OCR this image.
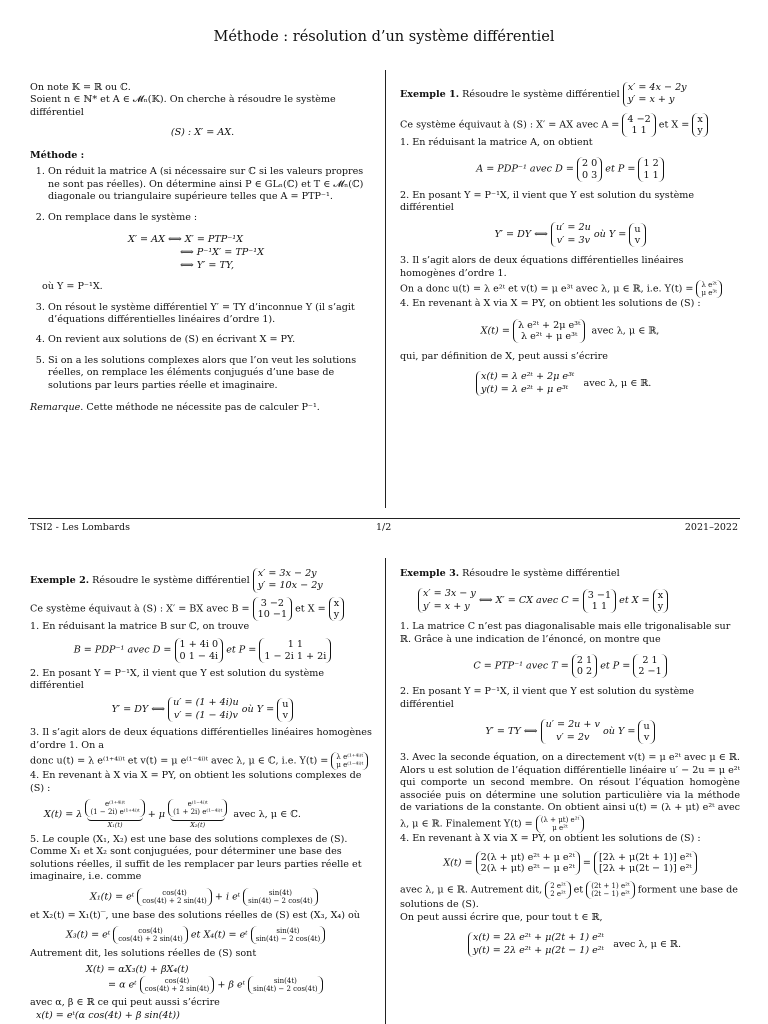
Méthode : résolution d’un système différentiel

On note 𝕂 = ℝ ou ℂ.

Soient n ∈ ℕ* et A ∈ 𝓜ₙ(𝕂). On cherche à résoudre le système différentiel

(S) : X′ = AX.

Méthode :

1. On réduit la matrice A (si nécessaire sur ℂ si les valeurs propres ne sont pas réelles). On détermine ainsi P ∈ GLₙ(ℂ) et T ∈ 𝓜ₙ(ℂ) diagonale ou triangulaire supérieure telles que A = PTP⁻¹.
2. On remplace dans le système :
X′ = AX ⟺ X′ = PTP⁻¹X
⟺ P⁻¹X′ = TP⁻¹X
⟺ Y′ = TY,
où Y = P⁻¹X.
3. On résout le système différentiel Y′ = TY d’inconnue Y (il s’agit d’équations différentielles linéaires d’ordre 1).
4. On revient aux solutions de (S) en écrivant X = PY.
5. Si on a les solutions complexes alors que l’on veut les solutions réelles, on remplace les éléments conjugués d’une base de solutions par leurs parties réelle et imaginaire.

Remarque. Cette méthode ne nécessite pas de calculer P⁻¹.

Exemple 1. Résoudre le système différentiel
x′ = 4x − 2y
y′ = x + y

Ce système équivaut à (S) : X′ = AX avec A =
4 −2
1 1	et X =
x
y

1. En réduisant la matrice A, on obtient

A = PDP⁻¹ avec D =
2 0
0 3 et P =
1 2
1 1

2. En posant Y = P⁻¹X, il vient que Y est solution du système différentiel

Y′ = DY ⟺
u′ = 2u
v′ = 3v où Y =
u
v

3. Il s’agit alors de deux équations différentielles linéaires homogènes d’ordre 1.

On a donc u(t) = λ e²ᵗ et v(t) = μ e³ᵗ avec λ, μ ∈ ℝ, i.e. Y(t) = λ e²ᵗ
μ e³ᵗ

4. En revenant à X via X = PY, on obtient les solutions de (S) :

X(t) =
λ e²ᵗ + 2μ e³ᵗ
λ e²ᵗ + μ e³ᵗ	avec λ, μ ∈ ℝ,

qui, par définition de X, peut aussi s’écrire

x(t) = λ e²ᵗ + 2μ e³ᵗ
y(t) = λ e²ᵗ + μ e³ᵗ	avec λ, μ ∈ ℝ.

TSI2 - Les Lombards	1/2	2021–2022

Exemple 2. Résoudre le système différentiel
x′ = 3x − 2y
y′ = 10x − 2y

Ce système équivaut à (S) : X′ = BX avec B =
3 −2
10 −1 et X =
x
y

1. En réduisant la matrice B sur ℂ, on trouve

B = PDP⁻¹ avec D =
1 + 4i 0
0 1 − 4i et P =
1 1
1 − 2i 1 + 2i

2. En posant Y = P⁻¹X, il vient que Y est solution du système différentiel

Y′ = DY ⟺
u′ = (1 + 4i)u
v′ = (1 − 4i)v où Y =
u
v

3. Il s’agit alors de deux équations différentielles linéaires homogènes d’ordre 1. On a

donc u(t) = λ e⁽¹⁺⁴ⁱ⁾ᵗ et v(t) = μ e⁽¹⁻⁴ⁱ⁾ᵗ avec λ, μ ∈ ℂ, i.e. Y(t) = λ e⁽¹⁺⁴ⁱ⁾ᵗ
μ e⁽¹⁻⁴ⁱ⁾ᵗ

4. En revenant à X via X = PY, on obtient les solutions complexes de (S) :

X(t) = λ e⁽¹⁺⁴ⁱ⁾ᵗ
(1 − 2i) e⁽¹⁺⁴ⁱ⁾ᵗ
X₁(t) + μ e⁽¹⁻⁴ⁱ⁾ᵗ
(1 + 2i) e⁽¹⁻⁴ⁱ⁾ᵗ
X₂(t) avec λ, μ ∈ ℂ.

5. Le couple (X₁, X₂) est une base des solutions complexes de (S). Comme X₁ et X₂ sont conjuguées, pour déterminer une base des solutions réelles, il suffit de les remplacer par leurs parties réelle et imaginaire, i.e. comme

X₁(t) = eᵗ	cos(4t)
cos(4t) + 2 sin(4t) + i eᵗ	sin(4t)
sin(4t) − 2 cos(4t)

et X₂(t) = X₁(t)‾, une base des solutions réelles de (S) est (X₃, X₄) où

X₃(t) = eᵗ	cos(4t)
cos(4t) + 2 sin(4t) et X₄(t) = eᵗ	sin(4t)
sin(4t) − 2 cos(4t)

Autrement dit, les solutions réelles de (S) sont

X(t) = αX₃(t) + βX₄(t)
= α eᵗ	cos(4t)
cos(4t) + 2 sin(4t) + β eᵗ	sin(4t)
sin(4t) − 2 cos(4t)

avec α, β ∈ ℝ ce qui peut aussi s’écrire

x(t) = eᵗ(α cos(4t) + β sin(4t))

Exemple 3. Résoudre le système différentiel

x′ = 3x − y
y′ = x + y ⟺ X′ = CX avec C =
3 −1
1 1	et X =
x
y

1. La matrice C n’est pas diagonalisable mais elle trigonalisable sur ℝ. Grâce à une indication de l’énoncé, on montre que

C = PTP⁻¹ avec T =
2 1
0 2 et P =
2 1
2 −1

2. En posant Y = P⁻¹X, il vient que Y est solution du système différentiel

Y′ = TY ⟺
u′ = 2u + v
v′ = 2v	où Y =
u
v

3. Avec la seconde équation, on a directement v(t) = μ e²ᵗ avec μ ∈ ℝ. Alors u est solution de l’équation différentielle linéaire u′ − 2u = μ e²ᵗ qui comporte un second membre. On résout l’équation homogène associée puis on détermine une solution particulière via la méthode de variations de la constante. On obtient ainsi u(t) = (λ + μt) e²ᵗ avec λ, μ ∈ ℝ. Finalement Y(t) = (λ + μt) e²ᵗ
μ e²ᵗ

4. En revenant à X via X = PY, on obtient les solutions de (S) :

X(t) =
2(λ + μt) e²ᵗ + μ e²ᵗ
2(λ + μt) e²ᵗ − μ e²ᵗ =
[2λ + μ(2t + 1)] e²ᵗ
[2λ + μ(2t − 1)] e²ᵗ

avec λ, μ ∈ ℝ. Autrement dit, 2 e²ᵗ
2 e²ᵗ et (2t + 1) e²ᵗ
(2t − 1) e²ᵗ forment une base de solutions de (S).

On peut aussi écrire que, pour tout t ∈ ℝ,

x(t) = 2λ e²ᵗ + μ(2t + 1) e²ᵗ
y(t) = 2λ e²ᵗ + μ(2t − 1) e²ᵗ avec λ, μ ∈ ℝ.
